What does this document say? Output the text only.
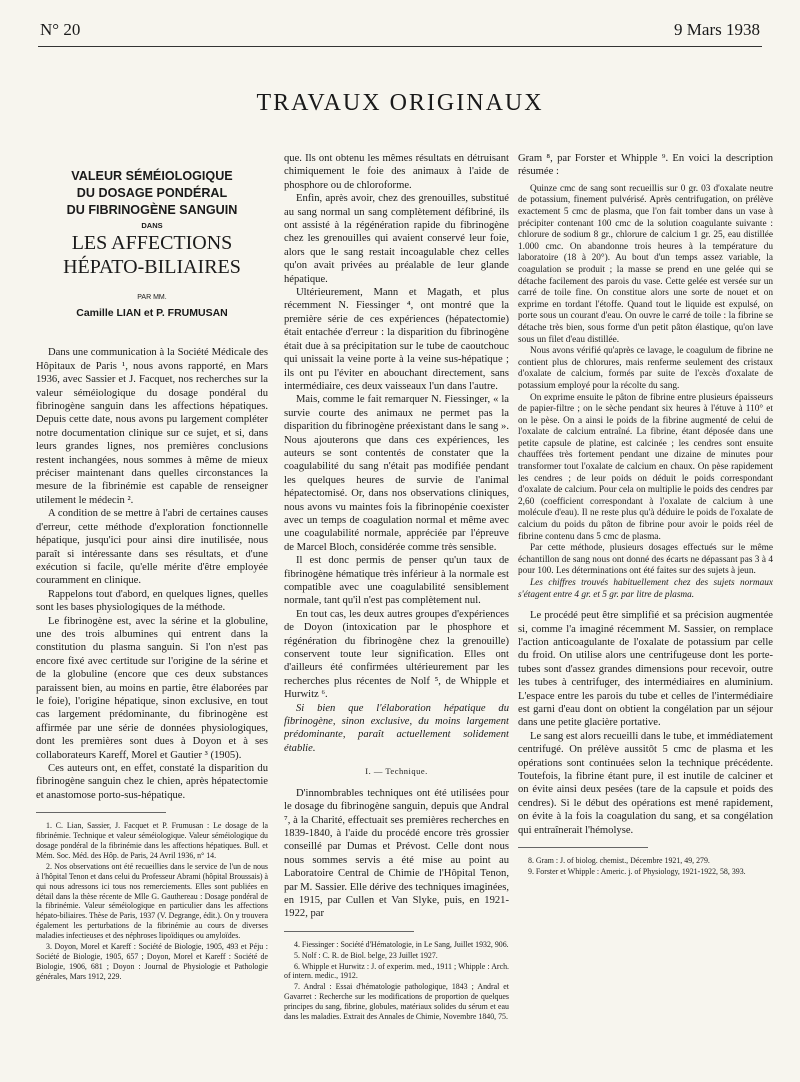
N° 20	9 Mars 1938
TRAVAUX ORIGINAUX
VALEUR SÉMÉIOLOGIQUE
DU DOSAGE PONDÉRAL
DU FIBRINOGÈNE SANGUIN
DANS
LES AFFECTIONS
HÉPATO-BILIAIRES
PAR MM.
Camille LIAN et P. FRUMUSAN

Dans une communication à la Société Médicale des Hôpitaux de Paris ¹, nous avons rapporté, en Mars 1936, avec Sassier et J. Facquet, nos recherches sur la valeur séméiologique du dosage pondéral du fibrinogène sanguin dans les affections hépatiques. Depuis cette date, nous avons pu largement compléter notre documentation clinique sur ce sujet, et si, dans leurs grandes lignes, nos premières conclusions restent inchangées, nous sommes à même de mieux préciser maintenant dans quelles circonstances la mesure de la fibrinémie est capable de renseigner utilement le médecin ².

A condition de se mettre à l'abri de certaines causes d'erreur, cette méthode d'exploration fonctionnelle hépatique, jusqu'ici pour ainsi dire inutilisée, nous paraît si intéressante dans ses résultats, et d'une exécution si facile, qu'elle mérite d'être employée couramment en clinique.

Rappelons tout d'abord, en quelques lignes, quelles sont les bases physiologiques de la méthode.

Le fibrinogène est, avec la sérine et la globuline, une des trois albumines qui entrent dans la constitution du plasma sanguin. Si l'on n'est pas encore fixé avec certitude sur l'origine de la sérine et de la globuline (encore que ces deux substances paraissent bien, au moins en partie, être élaborées par le foie), l'origine hépatique, sinon exclusive, en tout cas largement prédominante, du fibrinogène est affirmée par une série de données physiologiques, dont les premières sont dues à Doyon et à ses collaborateurs Kareff, Morel et Gautier ³ (1905).

Ces auteurs ont, en effet, constaté la disparition du fibrinogène sanguin chez le chien, après hépatectomie et anastomose porto-sus-hépatique.

1. C. Lian, Sassier, J. Facquet et P. Frumusan : Le dosage de la fibrinémie. Technique et valeur séméiologique. Valeur séméiologique du dosage pondéral de la fibrinémie dans les affections hépatiques. Bull. et Mém. Soc. Méd. des Hôp. de Paris, 24 Avril 1936, n° 14.

2. Nos observations ont été recueillies dans le service de l'un de nous à l'hôpital Tenon et dans celui du Professeur Abrami (hôpital Broussais) à qui nous adressons ici tous nos remerciements. Elles sont publiées en détail dans la thèse récente de Mlle G. Gauthereau : Dosage pondéral de la fibrinémie. Valeur séméiologique en particulier dans les affections hépato-biliaires. Thèse de Paris, 1937 (V. Degrange, édit.). On y trouvera également les perturbations de la fibrinémie au cours de diverses maladies infectieuses et des néphroses lipoïdiques ou amyloïdes.

3. Doyon, Morel et Kareff : Société de Biologie, 1905, 493 et Péju : Société de Biologie, 1905, 657 ; Doyon, Morel et Kareff : Société de Biologie, 1906, 681 ; Doyon : Journal de Physiologie et Pathologie générales, Mars 1912, 229.

que. Ils ont obtenu les mêmes résultats en détruisant chimiquement le foie des animaux à l'aide de phosphore ou de chloroforme.

Enfin, après avoir, chez des grenouilles, substitué au sang normal un sang complètement défibriné, ils ont assisté à la régénération rapide du fibrinogène chez les grenouilles qui avaient conservé leur foie, alors que le sang restait incoagulable chez celles qu'on avait privées au préalable de leur glande hépatique.

Ultérieurement, Mann et Magath, et plus récemment N. Fiessinger ⁴, ont montré que la première série de ces expériences (hépatectomie) était entachée d'erreur : la disparition du fibrinogène était due à sa précipitation sur le tube de caoutchouc qui unissait la veine porte à la veine sus-hépatique ; ils ont pu l'éviter en abouchant directement, sans intermédiaire, ces deux vaisseaux l'un dans l'autre.

Mais, comme le fait remarquer N. Fiessinger, « la survie courte des animaux ne permet pas la disparition du fibrinogène préexistant dans le sang ». Nous ajouterons que dans ces expériences, les auteurs se sont contentés de constater que la coagulabilité du sang n'était pas modifiée pendant les quelques heures de survie de l'animal hépatectomisé. Or, dans nos observations cliniques, nous avons vu maintes fois la fibrinopénie coexister avec un temps de coagulation normal et même avec une coagulabilité normale, appréciée par l'épreuve de Marcel Bloch, considérée comme très sensible.

Il est donc permis de penser qu'un taux de fibrinogène hématique très inférieur à la normale est compatible avec une coagulabilité sensiblement normale, tant qu'il n'est pas complètement nul.

En tout cas, les deux autres groupes d'expériences de Doyon (intoxication par le phosphore et régénération du fibrinogène chez la grenouille) conservent toute leur signification. Elles ont d'ailleurs été confirmées ultérieurement par les recherches plus récentes de Nolf ⁵, de Whipple et Hurwitz ⁶.

Si bien que l'élaboration hépatique du fibrinogène, sinon exclusive, du moins largement prédominante, paraît actuellement solidement établie.

I. — Technique.

D'innombrables techniques ont été utilisées pour le dosage du fibrinogène sanguin, depuis que Andral ⁷, à la Charité, effectuait ses premières recherches en 1839-1840, à l'aide du procédé encore très grossier conseillé par Dumas et Prévost. Celle dont nous nous sommes servis a été mise au point au Laboratoire Central de Chimie de l'Hôpital Tenon, par M. Sassier. Elle dérive des techniques imaginées, en 1915, par Cullen et Van Slyke, puis, en 1921-1922, par

4. Fiessinger : Société d'Hématologie, in Le Sang, Juillet 1932, 906.

5. Nolf : C. R. de Biol. belge, 23 Juillet 1927.

6. Whipple et Hurwitz : J. of experim. med., 1911 ; Whipple : Arch. of intern. medic., 1912.

7. Andral : Essai d'hématologie pathologique, 1843 ; Andral et Gavarret : Recherche sur les modifications de proportion de quelques principes du sang, fibrine, globules, matériaux solides du sérum et eau dans les maladies. Extrait des Annales de Chimie, Novembre 1840, 75.

Gram ⁸, par Forster et Whipple ⁹. En voici la description résumée :

Quinze cmc de sang sont recueillis sur 0 gr. 03 d'oxalate neutre de potassium, finement pulvérisé. Après centrifugation, on prélève exactement 5 cmc de plasma, que l'on fait tomber dans un vase à précipiter contenant 100 cmc de la solution coagulante suivante : chlorure de sodium 8 gr., chlorure de calcium 1 gr. 25, eau distillée 1.000 cmc. On abandonne trois heures à la température du laboratoire (18 à 20°). Au bout d'un temps assez variable, la coagulation se produit ; la masse se prend en une gelée qui se détache facilement des parois du vase. Cette gelée est versée sur un carré de toile fine. On constitue alors une sorte de nouet et on exprime en tordant l'étoffe. Quand tout le liquide est expulsé, on porte sous un courant d'eau. On ouvre le carré de toile : la fibrine se détache très bien, sous forme d'un petit pâton élastique, qu'on lave sous un filet d'eau distillée.

Nous avons vérifié qu'après ce lavage, le coagulum de fibrine ne contient plus de chlorures, mais renferme seulement des cristaux d'oxalate de calcium, formés par suite de l'excès d'oxalate de potassium employé pour la récolte du sang.

On exprime ensuite le pâton de fibrine entre plusieurs épaisseurs de papier-filtre ; on le sèche pendant six heures à l'étuve à 110° et on le pèse. On a ainsi le poids de la fibrine augmenté de celui de l'oxalate de calcium entraîné. La fibrine, étant déposée dans une petite capsule de platine, est calcinée ; les cendres sont ensuite chauffées très fortement pendant une dizaine de minutes pour transformer tout l'oxalate de calcium en chaux. On pèse rapidement les cendres ; de leur poids on déduit le poids correspondant d'oxalate de calcium. Pour cela on multiplie le poids des cendres par 2,60 (coefficient correspondant à l'oxalate de calcium à une molécule d'eau). Il ne reste plus qu'à déduire le poids de l'oxalate de calcium du poids du pâton de fibrine pour avoir le poids réel de fibrine contenu dans 5 cmc de plasma.

Par cette méthode, plusieurs dosages effectués sur le même échantillon de sang nous ont donné des écarts ne dépassant pas 3 à 4 pour 100. Les déterminations ont été faites sur des sujets à jeun.

Les chiffres trouvés habituellement chez des sujets normaux s'étagent entre 4 gr. et 5 gr. par litre de plasma.

Le procédé peut être simplifié et sa précision augmentée si, comme l'a imaginé récemment M. Sassier, on remplace l'action anticoagulante de l'oxalate de potassium par celle du froid. On utilise alors une centrifugeuse dont les porte-tubes sont d'assez grandes dimensions pour recevoir, outre les tubes à centrifuger, des intermédiaires en aluminium. L'espace entre les parois du tube et celles de l'intermédiaire est garni d'eau dont on obtient la congélation par un séjour dans une petite glacière portative.

Le sang est alors recueilli dans le tube, et immédiatement centrifugé. On prélève aussitôt 5 cmc de plasma et les opérations sont continuées selon la technique précédente. Toutefois, la fibrine étant pure, il est inutile de calciner et on évite ainsi deux pesées (tare de la capsule et poids des cendres). Si le début des opérations est mené rapidement, on évite à la fois la coagulation du sang, et sa congélation qui entraînerait l'hémolyse.

8. Gram : J. of biolog. chemist., Décembre 1921, 49, 279.

9. Forster et Whipple : Americ. j. of Physiology, 1921-1922, 58, 393.
